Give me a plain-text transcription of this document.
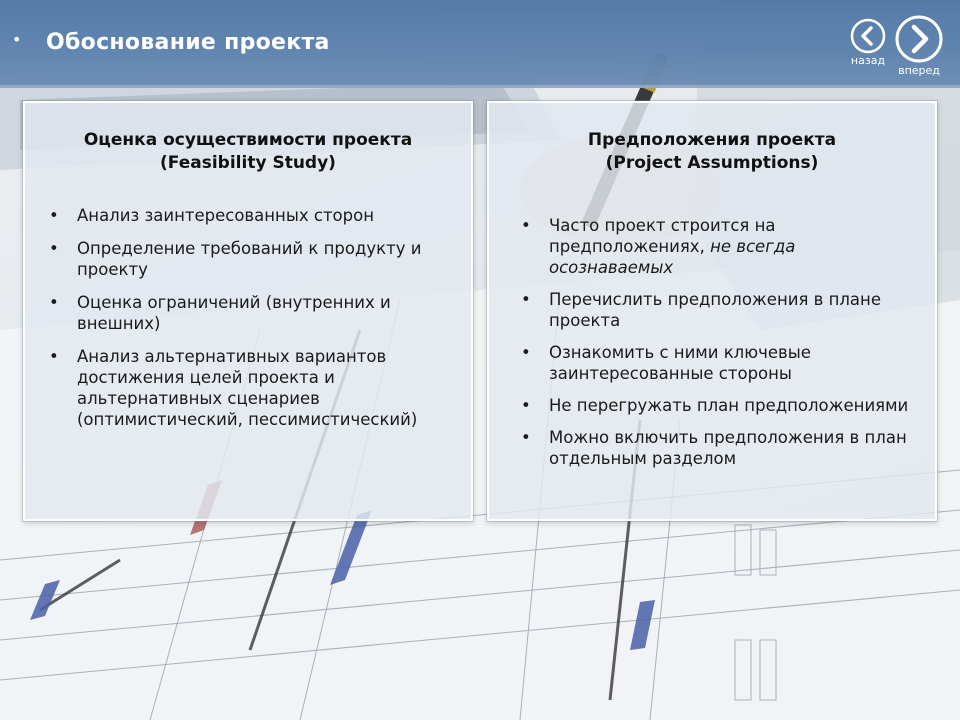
• Обоснование проекта
назад
вперед
Оценка осуществимости проекта
(Feasibility Study)
• Анализ заинтересованных сторон
• Определение требований к продукту и проекту
• Оценка ограничений (внутренних и внешних)
• Анализ альтернативных вариантов достижения целей проекта и альтернативных сценариев (оптимистический, пессимистический)
Предположения проекта
(Project Assumptions)
• Часто проект строится на предположениях, не всегда осознаваемых
• Перечислить предположения в плане проекта
• Ознакомить с ними ключевые заинтересованные стороны
• Не перегружать план предположениями
• Можно включить предположения в план отдельным разделом
